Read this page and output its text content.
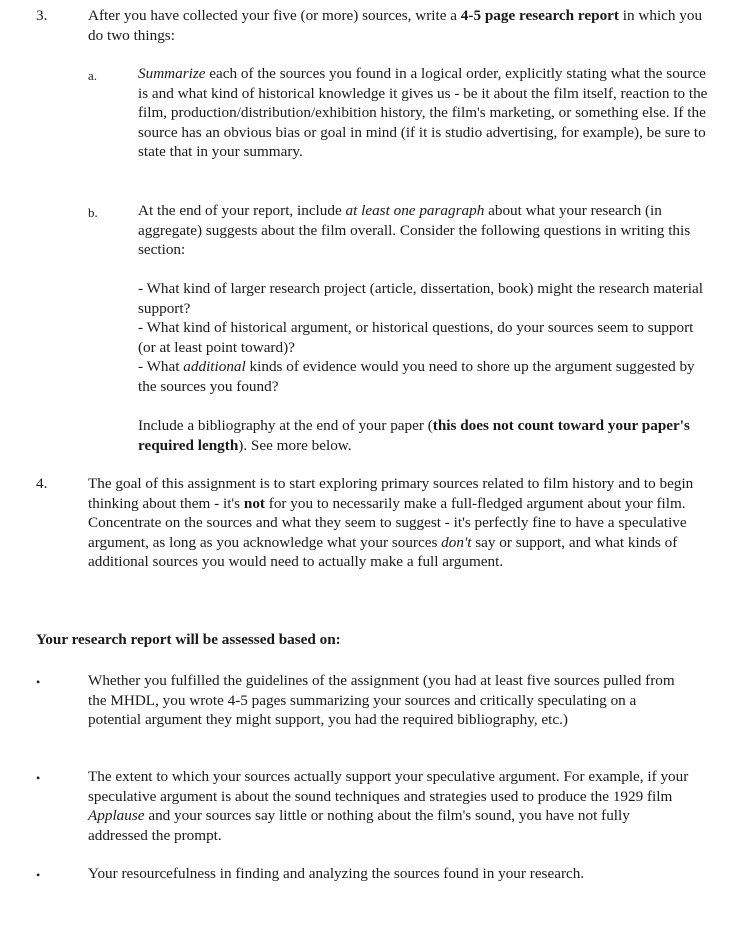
3.	After you have collected your five (or more) sources, write a 4-5 page research report in which you do two things:

a.	Summarize each of the sources you found in a logical order, explicitly stating what the source is and what kind of historical knowledge it gives us - be it about the film itself, reaction to the film, production/distribution/exhibition history, the film's marketing, or something else. If the source has an obvious bias or goal in mind (if it is studio advertising, for example), be sure to state that in your summary.

b.	At the end of your report, include at least one paragraph about what your research (in aggregate) suggests about the film overall. Consider the following questions in writing this section:

- What kind of larger research project (article, dissertation, book) might the research material support?

- What kind of historical argument, or historical questions, do your sources seem to support (or at least point toward)?

- What additional kinds of evidence would you need to shore up the argument suggested by the sources you found?

Include a bibliography at the end of your paper (this does not count toward your paper's required length). See more below.

4.	The goal of this assignment is to start exploring primary sources related to film history and to begin thinking about them - it's not for you to necessarily make a full-fledged argument about your film. Concentrate on the sources and what they seem to suggest - it's perfectly fine to have a speculative argument, as long as you acknowledge what your sources don't say or support, and what kinds of additional sources you would need to actually make a full argument.

Your research report will be assessed based on:

•	Whether you fulfilled the guidelines of the assignment (you had at least five sources pulled from the MHDL, you wrote 4-5 pages summarizing your sources and critically speculating on a potential argument they might support, you had the required bibliography, etc.)

•	The extent to which your sources actually support your speculative argument. For example, if your speculative argument is about the sound techniques and strategies used to produce the 1929 film Applause and your sources say little or nothing about the film's sound, you have not fully addressed the prompt.

•	Your resourcefulness in finding and analyzing the sources found in your research.
